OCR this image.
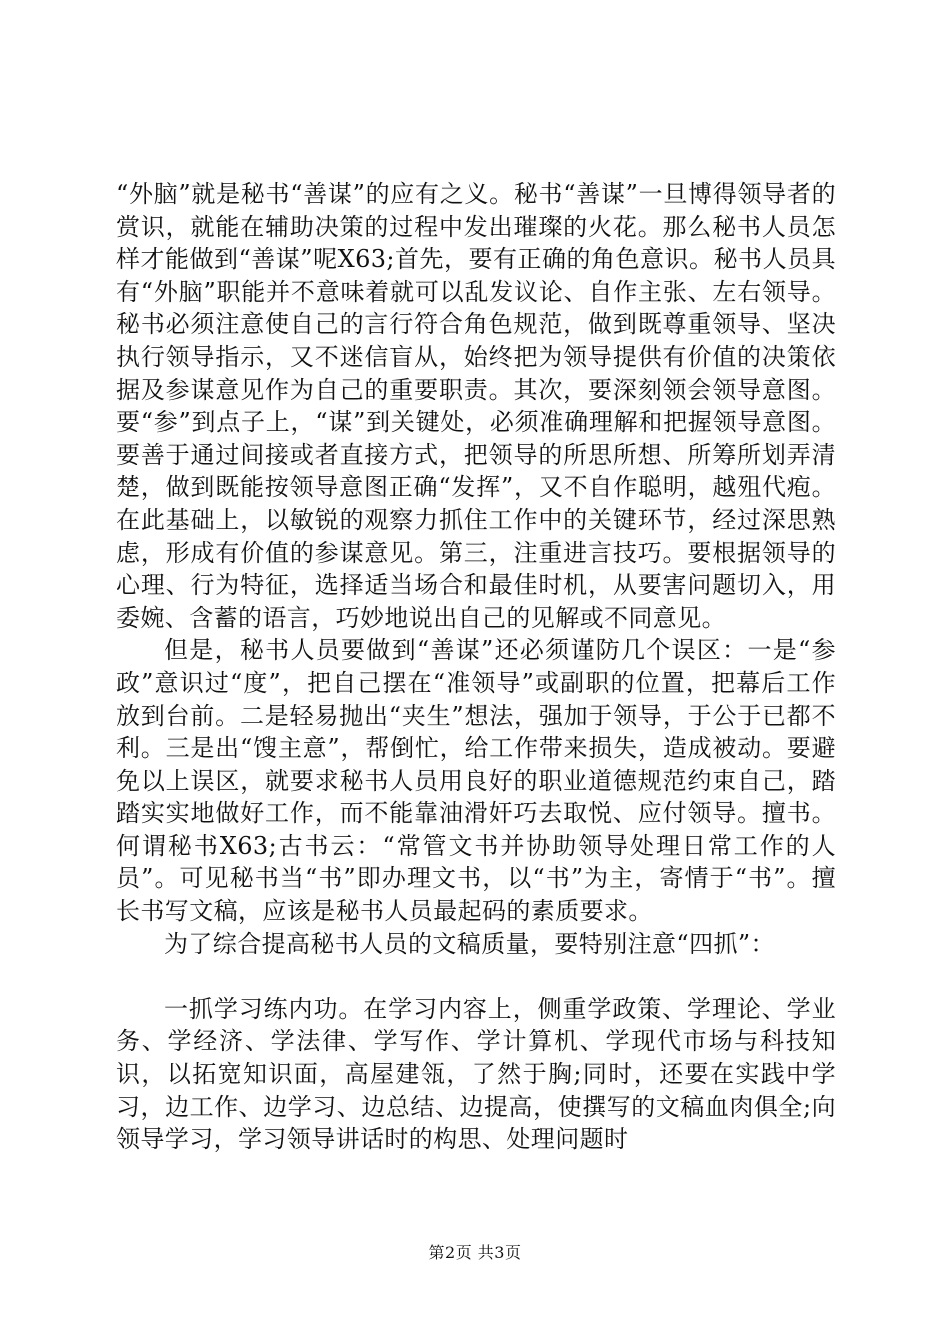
“外脑”就是秘书“善谋”的应有之义。秘书“善谋”一旦博得领导者的赏识，就能在辅助决策的过程中发出璀璨的火花。那么秘书人员怎样才能做到“善谋”呢X63;首先，要有正确的角色意识。秘书人员具有“外脑”职能并不意味着就可以乱发议论、自作主张、左右领导。秘书必须注意使自己的言行符合角色规范，做到既尊重领导、坚决执行领导指示，又不迷信盲从，始终把为领导提供有价值的决策依据及参谋意见作为自己的重要职责。其次，要深刻领会领导意图。要“参”到点子上，“谋”到关键处，必须准确理解和把握领导意图。要善于通过间接或者直接方式，把领导的所思所想、所筹所划弄清楚，做到既能按领导意图正确“发挥”，又不自作聪明，越殂代疱。在此基础上，以敏锐的观察力抓住工作中的关键环节，经过深思熟虑，形成有价值的参谋意见。第三，注重进言技巧。要根据领导的心理、行为特征，选择适当场合和最佳时机，从要害问题切入，用委婉、含蓄的语言，巧妙地说出自己的见解或不同意见。

但是，秘书人员要做到“善谋”还必须谨防几个误区：一是“参政”意识过“度”，把自己摆在“准领导”或副职的位置，把幕后工作放到台前。二是轻易抛出“夹生”想法，强加于领导，于公于已都不利。三是出“馊主意”，帮倒忙，给工作带来损失，造成被动。要避免以上误区，就要求秘书人员用良好的职业道德规范约束自己，踏踏实实地做好工作，而不能靠油滑奸巧去取悦、应付领导。擅书。何谓秘书X63;古书云：“常管文书并协助领导处理日常工作的人员”。可见秘书当“书”即办理文书，以“书”为主，寄情于“书”。擅长书写文稿，应该是秘书人员最起码的素质要求。

为了综合提高秘书人员的文稿质量，要特别注意“四抓”：

一抓学习练内功。在学习内容上，侧重学政策、学理论、学业务、学经济、学法律、学写作、学计算机、学现代市场与科技知识，以拓宽知识面，高屋建瓴，了然于胸;同时，还要在实践中学习，边工作、边学习、边总结、边提高，使撰写的文稿血肉俱全;向领导学习，学习领导讲话时的构思、处理问题时

第2页 共3页
